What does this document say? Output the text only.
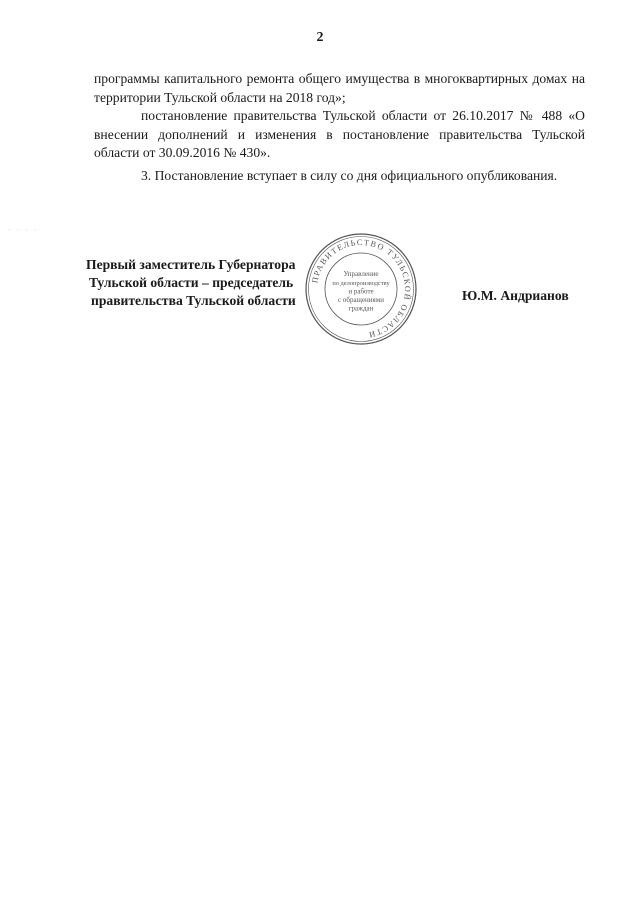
2

программы капитального ремонта общего имущества в многоквартирных домах на территории Тульской области на 2018 год»;

постановление правительства Тульской области от 26.10.2017 № 488 «О внесении дополнений и изменения в постановление правительства Тульской области от 30.09.2016 № 430».

3. Постановление вступает в силу со дня официального опубликования.

· · · ·
Первый заместитель Губернатора
Тульской области – председатель
правительства Тульской области
ПРАВИТЕЛЬСТВО ТУЛЬСКОЙ ОБЛАСТИ
Управление
по делопроизводству
и работе
с обращениями
граждан
Ю.М. Андрианов
